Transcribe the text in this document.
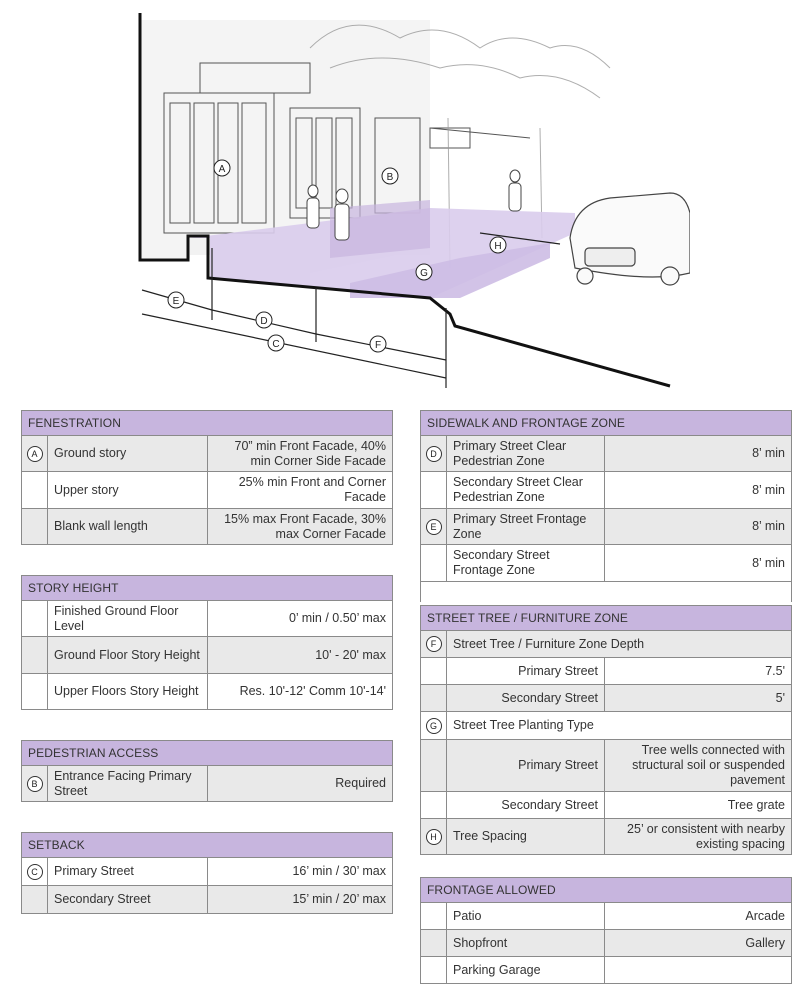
A
B
C
D
E
F
G
H
FENESTRATION		
A	Ground story	70” min Front Facade, 40% min Corner Side Facade
	Upper story	25% min Front and Corner Facade
	Blank wall length	15% max Front Facade, 30% max Corner Facade
STORY HEIGHT		
	Finished Ground Floor Level	0’ min / 0.50’ max
	Ground Floor Story Height	10' - 20' max
	Upper Floors Story Height	Res. 10'-12' Comm 10'-14'
PEDESTRIAN ACCESS
B	Entrance Facing Primary Street	Required
SETBACK		
C	Primary Street	16’ min / 30’ max
	Secondary Street	15’ min / 20’ max
SIDEWALK AND FRONTAGE ZONE		
D	Primary Street Clear Pedestrian Zone	8’ min
	Secondary Street Clear Pedestrian Zone	8’ min
E	Primary Street Frontage Zone	8’ min
	Secondary Street Frontage Zone	8’ min

STREET TREE / FURNITURE ZONE		
F	Street Tree / Furniture Zone Depth	
	Primary Street	7.5'
	Secondary Street	5'
G	Street Tree Planting Type	
	Primary Street	Tree wells connected with structural soil or suspended pavement
	Secondary Street	Tree grate
H	Tree Spacing	25’ or consistent with nearby existing spacing
FRONTAGE ALLOWED		
	Patio	Arcade
	Shopfront	Gallery
	Parking Garage	
